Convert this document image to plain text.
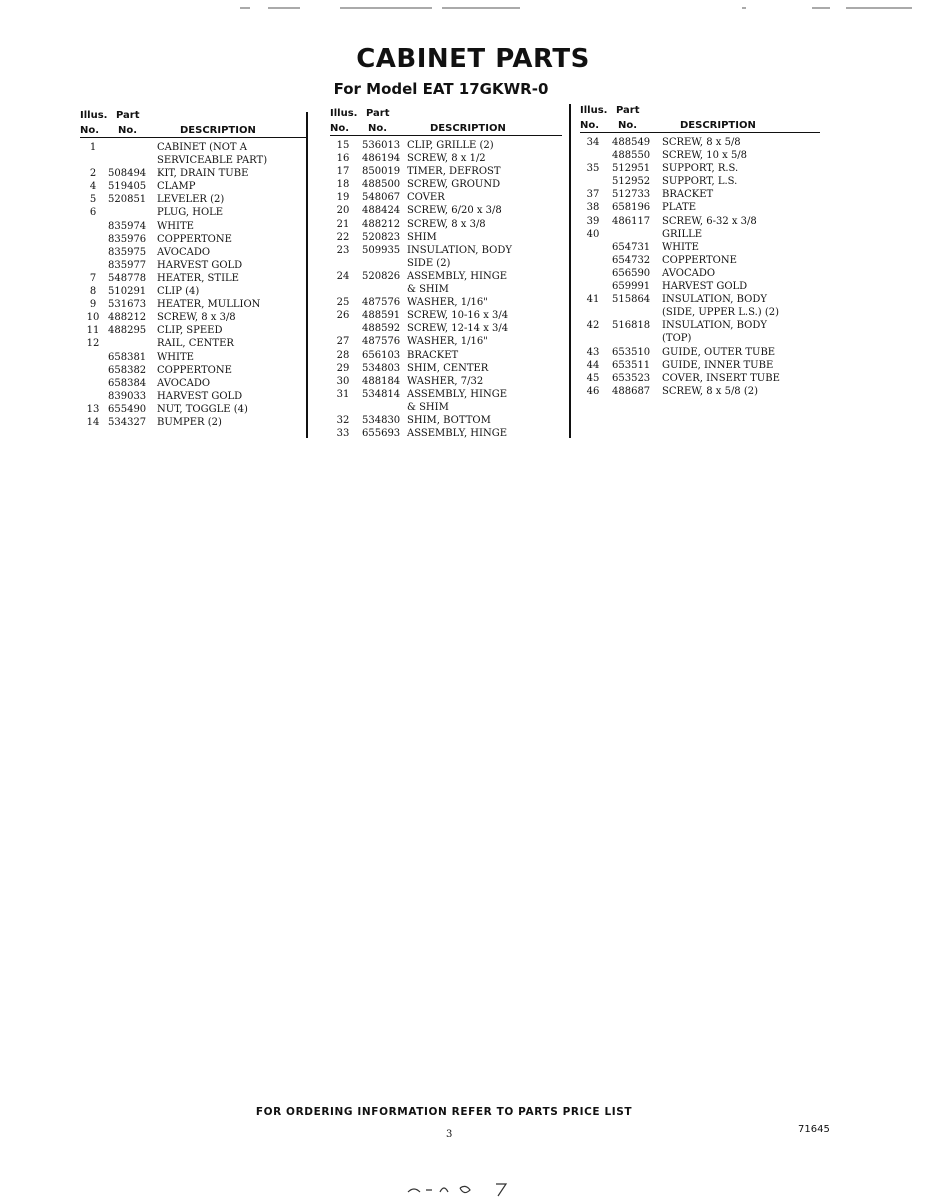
CABINET PARTS
For Model EAT 17GKWR-0
Illus. Part
No. No.	DESCRIPTION
1	CABINET (NOT A
SERVICEABLE PART)
2	508494 KIT, DRAIN TUBE
4	519405 CLAMP
5	520851 LEVELER (2)
6	PLUG, HOLE
835974 WHITE
835976 COPPERTONE
835975 AVOCADO
835977 HARVEST GOLD
7	548778 HEATER, STILE
8	510291 CLIP (4)
9	531673 HEATER, MULLION
10 488212 SCREW, 8 x 3/8
11 488295 CLIP, SPEED
12	RAIL, CENTER
658381 WHITE
658382 COPPERTONE
658384 AVOCADO
839033 HARVEST GOLD
13 655490 NUT, TOGGLE (4)
14 534327 BUMPER (2)
Illus. Part
No. No.	DESCRIPTION
15	536013 CLIP, GRILLE (2)
16	486194 SCREW, 8 x 1/2
17	850019 TIMER, DEFROST
18	488500 SCREW, GROUND
19	548067 COVER
20	488424 SCREW, 6/20 x 3/8
21	488212 SCREW, 8 x 3/8
22	520823 SHIM
23	509935 INSULATION, BODY
SIDE (2)
24	520826 ASSEMBLY, HINGE
& SHIM
25	487576 WASHER, 1/16"
26	488591 SCREW, 10-16 x 3/4
488592 SCREW, 12-14 x 3/4
27	487576 WASHER, 1/16"
28	656103 BRACKET
29	534803 SHIM, CENTER
30	488184 WASHER, 7/32
31	534814 ASSEMBLY, HINGE
& SHIM
32	534830 SHIM, BOTTOM
33	655693 ASSEMBLY, HINGE
Illus. Part
No. No.	DESCRIPTION
34	488549 SCREW, 8 x 5/8
488550 SCREW, 10 x 5/8
35	512951 SUPPORT, R.S.
512952 SUPPORT, L.S.
37	512733 BRACKET
38	658196 PLATE
39	486117 SCREW, 6-32 x 3/8
40	GRILLE
654731 WHITE
654732 COPPERTONE
656590 AVOCADO
659991 HARVEST GOLD
41	515864 INSULATION, BODY
(SIDE, UPPER L.S.) (2)
42	516818 INSULATION, BODY
(TOP)
43	653510 GUIDE, OUTER TUBE
44	653511 GUIDE, INNER TUBE
45	653523 COVER, INSERT TUBE
46	488687 SCREW, 8 x 5/8 (2)
FOR ORDERING INFORMATION REFER TO PARTS PRICE LIST
3	71645
